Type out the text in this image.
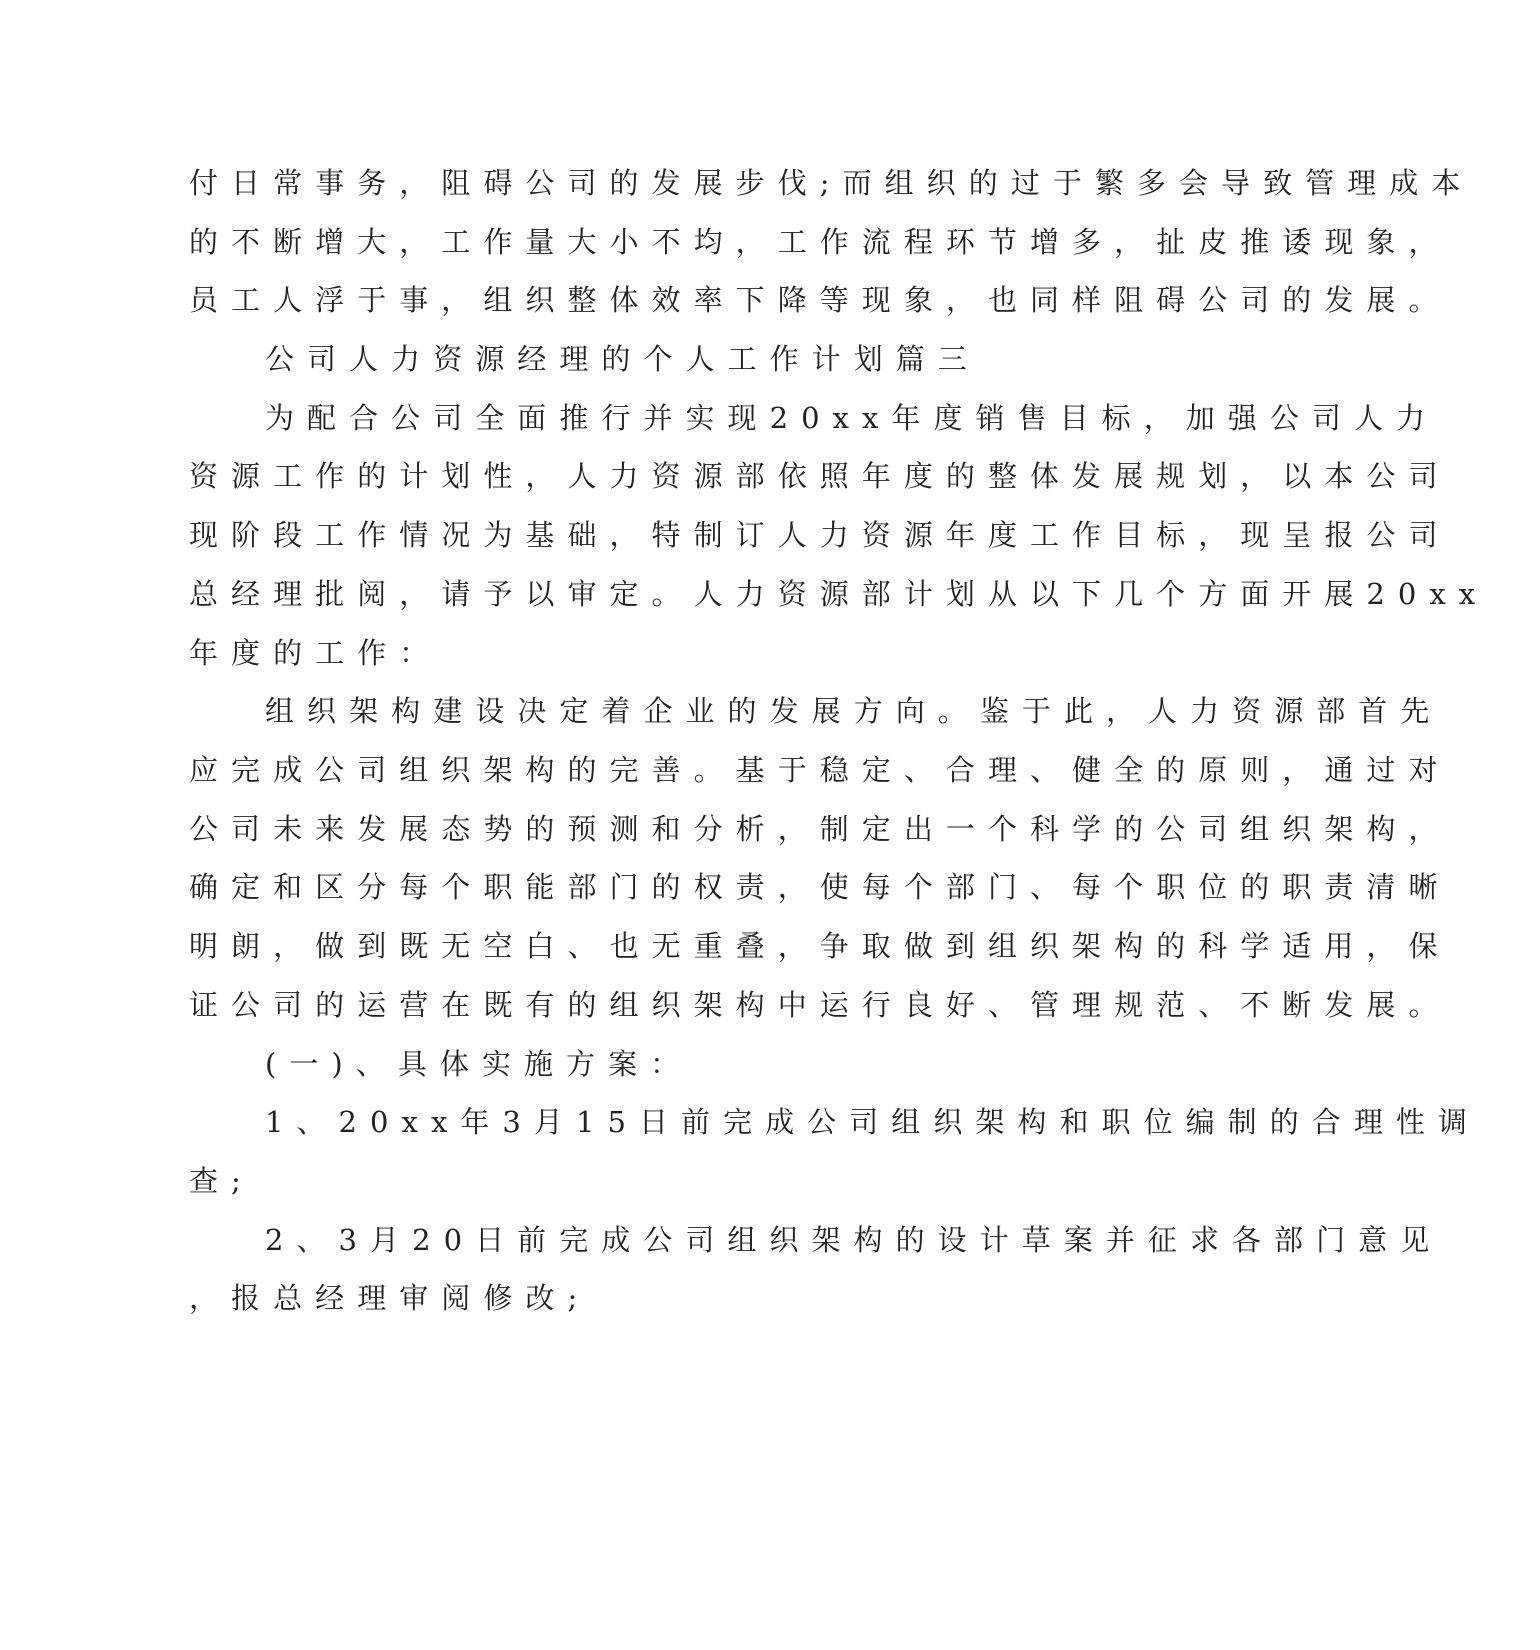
付日常事务，阻碍公司的发展步伐;而组织的过于繁多会导致管理成本
的不断增大，工作量大小不均，工作流程环节增多，扯皮推诿现象，
员工人浮于事，组织整体效率下降等现象，也同样阻碍公司的发展。
公司人力资源经理的个人工作计划篇三
为配合公司全面推行并实现20xx年度销售目标，加强公司人力
资源工作的计划性，人力资源部依照年度的整体发展规划，以本公司
现阶段工作情况为基础，特制订人力资源年度工作目标，现呈报公司
总经理批阅，请予以审定。人力资源部计划从以下几个方面开展20xx
年度的工作：
组织架构建设决定着企业的发展方向。鉴于此，人力资源部首先
应完成公司组织架构的完善。基于稳定、合理、健全的原则，通过对
公司未来发展态势的预测和分析，制定出一个科学的公司组织架构，
确定和区分每个职能部门的权责，使每个部门、每个职位的职责清晰
明朗，做到既无空白、也无重叠，争取做到组织架构的科学适用，保
证公司的运营在既有的组织架构中运行良好、管理规范、不断发展。
(一)、具体实施方案：
1、20xx年3月15日前完成公司组织架构和职位编制的合理性调
查;
2、3月20日前完成公司组织架构的设计草案并征求各部门意见
，报总经理审阅修改;
